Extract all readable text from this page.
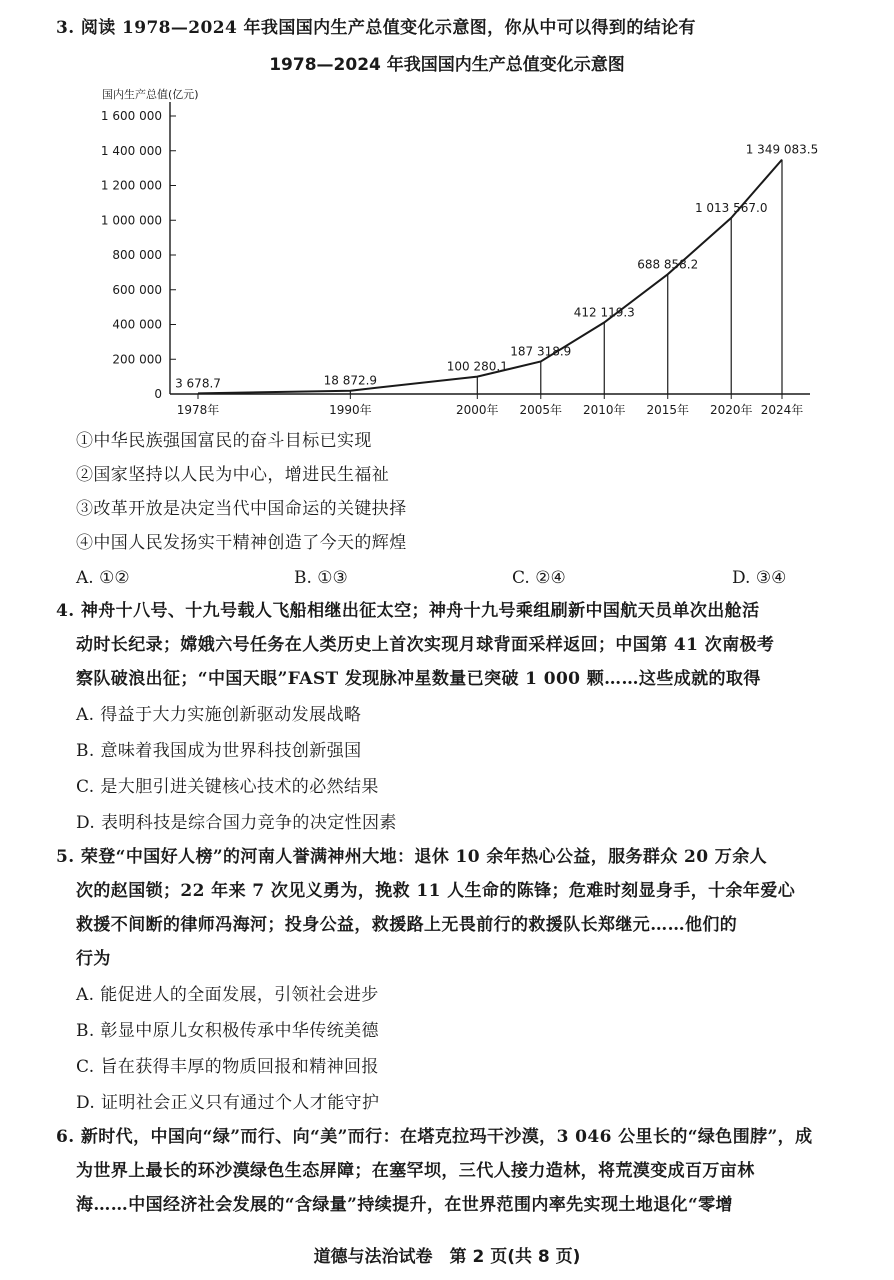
3. 阅读 1978—2024 年我国国内生产总值变化示意图，你从中可以得到的结论有
1978—2024 年我国国内生产总值变化示意图
国内生产总值(亿元)
0
200 000
400 000
600 000
800 000
1 000 000
1 200 000
1 400 000
1 600 000
1978年
3 678.7
1990年
18 872.9
2000年
100 280.1
2005年
187 318.9
2010年
412 119.3
2015年
688 858.2
2020年
1 013 567.0
2024年
1 349 083.5
①中华民族强国富民的奋斗目标已实现
②国家坚持以人民为中心，增进民生福祉
③改革开放是决定当代中国命运的关键抉择
④中国人民发扬实干精神创造了今天的辉煌
A. ①②	B. ①③	C. ②④	D. ③④
4. 神舟十八号、十九号载人飞船相继出征太空；神舟十九号乘组刷新中国航天员单次出舱活
动时长纪录；嫦娥六号任务在人类历史上首次实现月球背面采样返回；中国第 41 次南极考
察队破浪出征；“中国天眼”FAST 发现脉冲星数量已突破 1 000 颗……这些成就的取得
A. 得益于大力实施创新驱动发展战略
B. 意味着我国成为世界科技创新强国
C. 是大胆引进关键核心技术的必然结果
D. 表明科技是综合国力竞争的决定性因素
5. 荣登“中国好人榜”的河南人誉满神州大地：退休 10 余年热心公益，服务群众 20 万余人
次的赵国锁；22 年来 7 次见义勇为，挽救 11 人生命的陈锋；危难时刻显身手，十余年爱心
救援不间断的律师冯海河；投身公益，救援路上无畏前行的救援队长郑继元……他们的
行为
A. 能促进人的全面发展，引领社会进步
B. 彰显中原儿女积极传承中华传统美德
C. 旨在获得丰厚的物质回报和精神回报
D. 证明社会正义只有通过个人才能守护
6. 新时代，中国向“绿”而行、向“美”而行：在塔克拉玛干沙漠，3 046 公里长的“绿色围脖”，成
为世界上最长的环沙漠绿色生态屏障；在塞罕坝，三代人接力造林，将荒漠变成百万亩林
海……中国经济社会发展的“含绿量”持续提升，在世界范围内率先实现土地退化“零增
道德与法治试卷　第 2 页(共 8 页)
